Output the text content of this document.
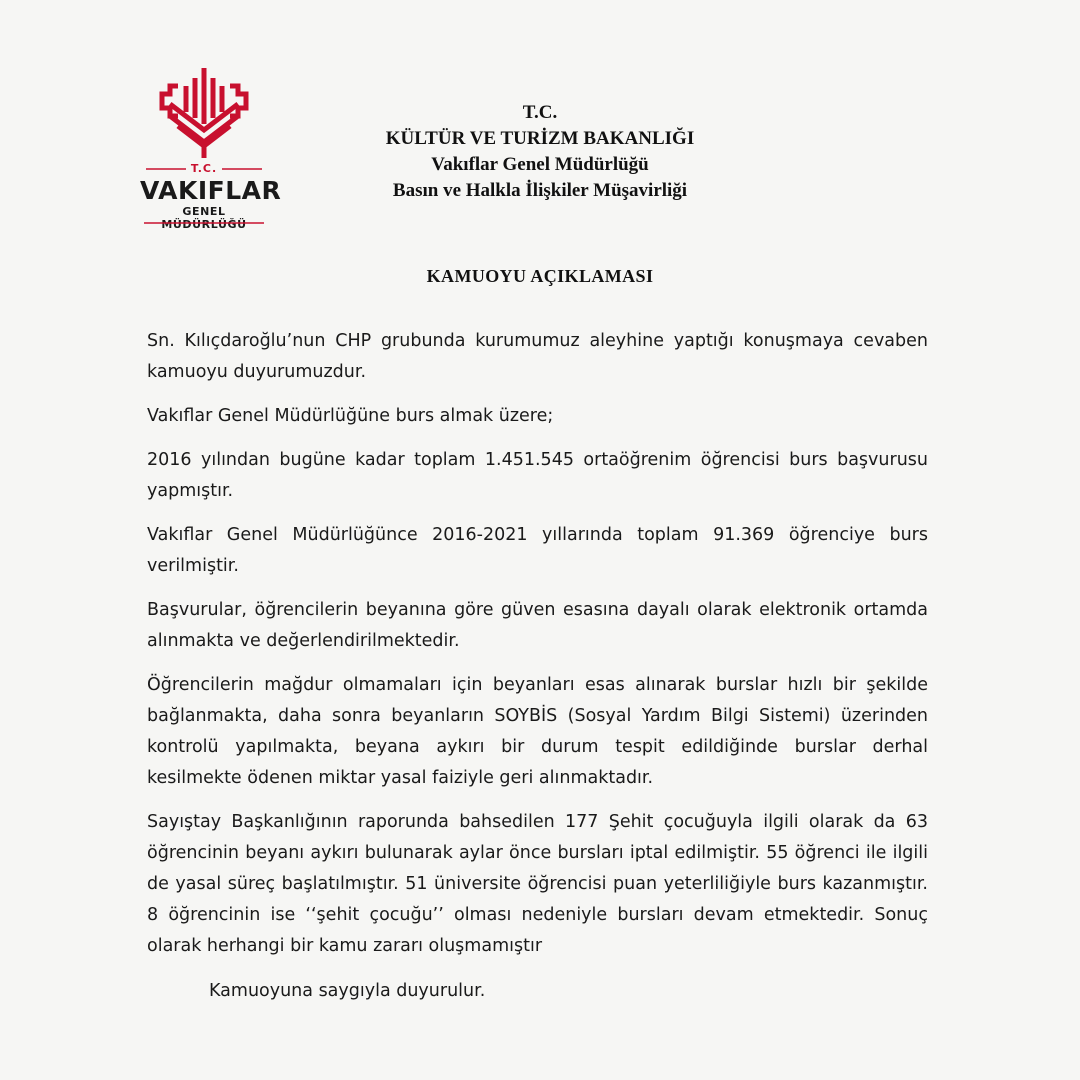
T.C.
VAKIFLAR
GENEL MÜDÜRLÜĞÜ
T.C.
KÜLTÜR VE TURİZM BAKANLIĞI
Vakıflar Genel Müdürlüğü
Basın ve Halkla İlişkiler Müşavirliği
KAMUOYU AÇIKLAMASI

Sn. Kılıçdaroğlu’nun CHP grubunda kurumumuz aleyhine yaptığı konuşmaya cevaben kamuoyu duyurumuzdur.

Vakıflar Genel Müdürlüğüne burs almak üzere;

2016 yılından bugüne kadar toplam 1.451.545 ortaöğrenim öğrencisi burs başvurusu yapmıştır.

Vakıflar Genel Müdürlüğünce 2016-2021 yıllarında toplam 91.369 öğrenciye burs verilmiştir.

Başvurular, öğrencilerin beyanına göre güven esasına dayalı olarak elektronik ortamda alınmakta ve değerlendirilmektedir.

Öğrencilerin mağdur olmamaları için beyanları esas alınarak burslar hızlı bir şekilde bağlanmakta, daha sonra beyanların SOYBİS (Sosyal Yardım Bilgi Sistemi) üzerinden kontrolü yapılmakta, beyana aykırı bir durum tespit edildiğinde burslar derhal kesilmekte ödenen miktar yasal faiziyle geri alınmaktadır.

Sayıştay Başkanlığının raporunda bahsedilen 177 Şehit çocuğuyla ilgili olarak da 63 öğrencinin beyanı aykırı bulunarak aylar önce bursları iptal edilmiştir. 55 öğrenci ile ilgili de yasal süreç başlatılmıştır. 51 üniversite öğrencisi puan yeterliliğiyle burs kazanmıştır. 8 öğrencinin ise ‘‘şehit çocuğu’’ olması nedeniyle bursları devam etmektedir. Sonuç olarak herhangi bir kamu zararı oluşmamıştır

Kamuoyuna saygıyla duyurulur.
